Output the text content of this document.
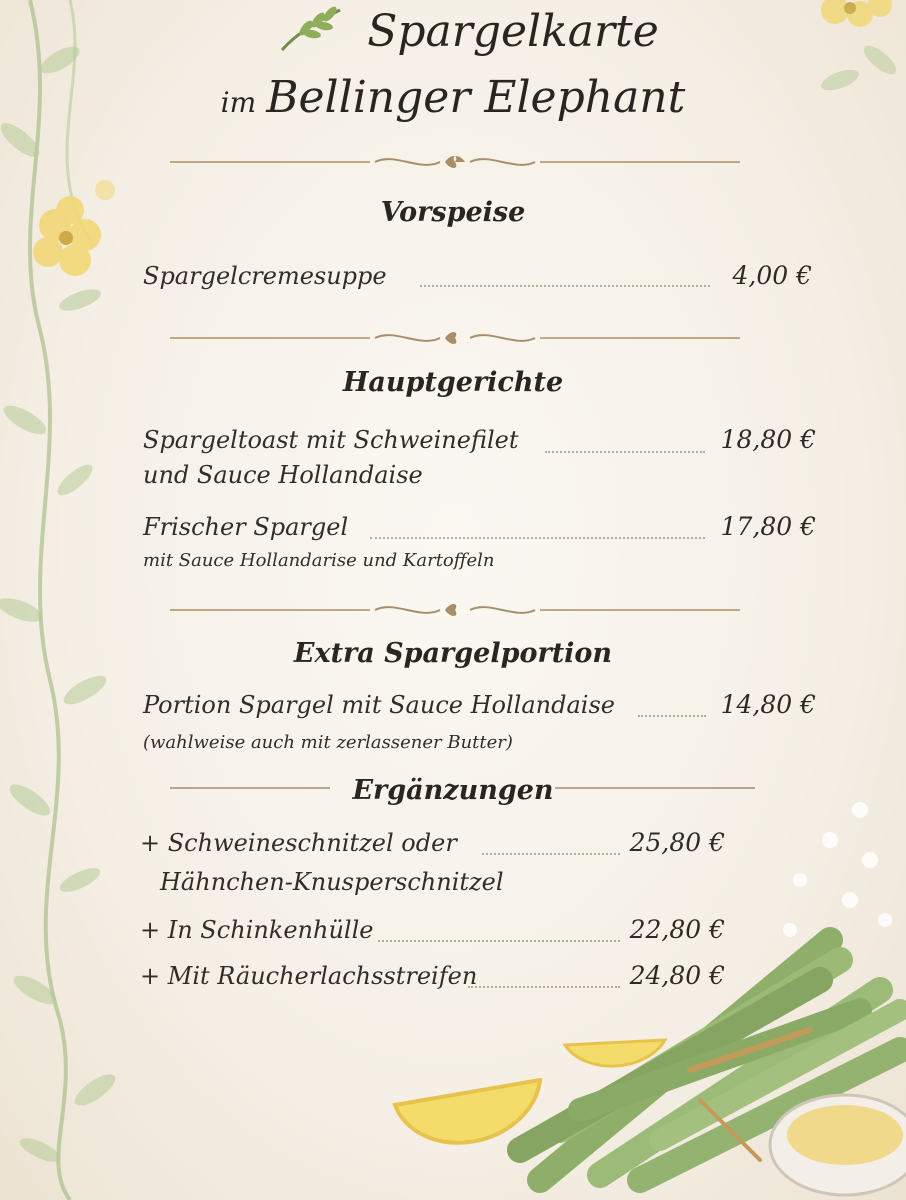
Spargelkarte
im Bellinger Elephant
Vorspeise
Spargelcremesuppe	4,00 €
Hauptgerichte
Spargeltoast mit Schweinefilet	18,80 €
und Sauce Hollandaise
Frischer Spargel	17,80 €
mit Sauce Hollandarise und Kartoffeln
Extra Spargelportion
Portion Spargel mit Sauce Hollandaise	14,80 €
(wahlweise auch mit zerlassener Butter)
Ergänzungen
+ Schweineschnitzel oder	25,80 €
Hähnchen-Knusperschnitzel
+ In Schinkenhülle	22,80 €
+ Mit Räucherlachsstreifen	24,80 €
